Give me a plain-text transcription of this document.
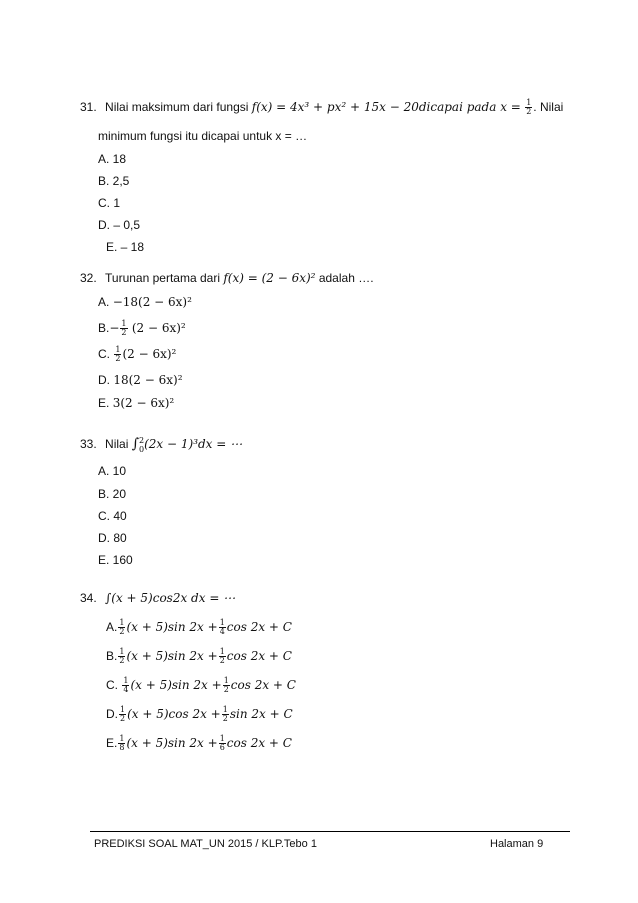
31. Nilai maksimum dari fungsi f(x) = 4x³ + px² + 15x − 20dicapai pada $x = \frac{1}{2}$ . Nilai
minimum fungsi itu dicapai untuk x = …
A. 18
B. 2,5
C. 1
D. – 0,5
E. – 18
32. Turunan pertama dari f(x) = (2 − 6x)² adalah ….
A. −18(2 − 6x)²
$B.- \frac{1}{2} (2 - 6x)^2$
C. $\frac{1}{2} (2 - 6x)^2$
D. 18(2 − 6x)²
E. 3(2 − 6x)²
33. Nilai ∫ 2
0 (2x − 1)³dx = ⋯
A. 10
B. 20
C. 40
D. 80
E. 160
34. ∫(x + 5)cos2x dx = ⋯
A. $\frac{1}{2} (x + 5)\sin$ $2x + \frac{1}{4}$ cos 2x + C
B. $\frac{1}{2} (x + 5)\sin$ $2x + \frac{1}{2}$ cos 2x + C
C. $\frac{1}{4} (x + 5)\sin$ $2x + \frac{1}{2}$ cos 2x + C
D. $\frac{1}{2} (x + 5)\cos$ $2x + \frac{1}{2}$ sin 2x + C
E. $\frac{1}{8} (x + 5)\sin$ $2x + \frac{1}{6}$ cos 2x + C
PREDIKSI SOAL MAT_UN 2015 / KLP.Tebo 1	Halaman 9
